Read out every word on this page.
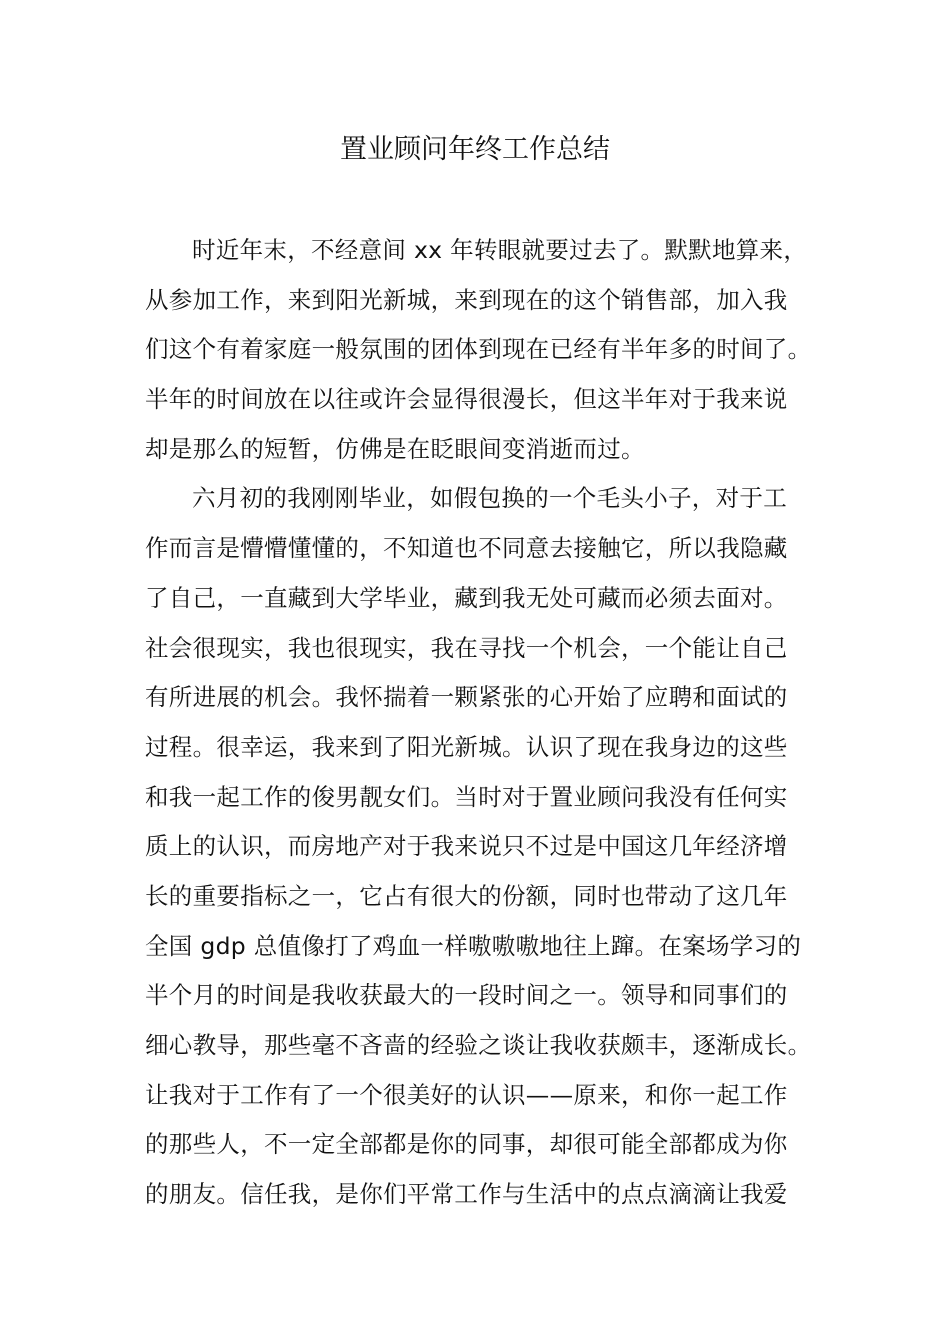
置业顾问年终工作总结
时近年末，不经意间 xx 年转眼就要过去了。默默地算来，
从参加工作，来到阳光新城，来到现在的这个销售部，加入我
们这个有着家庭一般氛围的团体到现在已经有半年多的时间了。
半年的时间放在以往或许会显得很漫长，但这半年对于我来说
却是那么的短暂，仿佛是在眨眼间变消逝而过。
六月初的我刚刚毕业，如假包换的一个毛头小子，对于工
作而言是懵懵懂懂的，不知道也不同意去接触它，所以我隐藏
了自己，一直藏到大学毕业，藏到我无处可藏而必须去面对。
社会很现实，我也很现实，我在寻找一个机会，一个能让自己
有所进展的机会。我怀揣着一颗紧张的心开始了应聘和面试的
过程。很幸运，我来到了阳光新城。认识了现在我身边的这些
和我一起工作的俊男靓女们。当时对于置业顾问我没有任何实
质上的认识，而房地产对于我来说只不过是中国这几年经济增
长的重要指标之一，它占有很大的份额，同时也带动了这几年
全国 gdp 总值像打了鸡血一样嗷嗷嗷地往上蹿。在案场学习的
半个月的时间是我收获最大的一段时间之一。领导和同事们的
细心教导，那些毫不吝啬的经验之谈让我收获颇丰，逐渐成长。
让我对于工作有了一个很美好的认识——原来，和你一起工作
的那些人，不一定全部都是你的同事，却很可能全部都成为你
的朋友。信任我，是你们平常工作与生活中的点点滴滴让我爱
